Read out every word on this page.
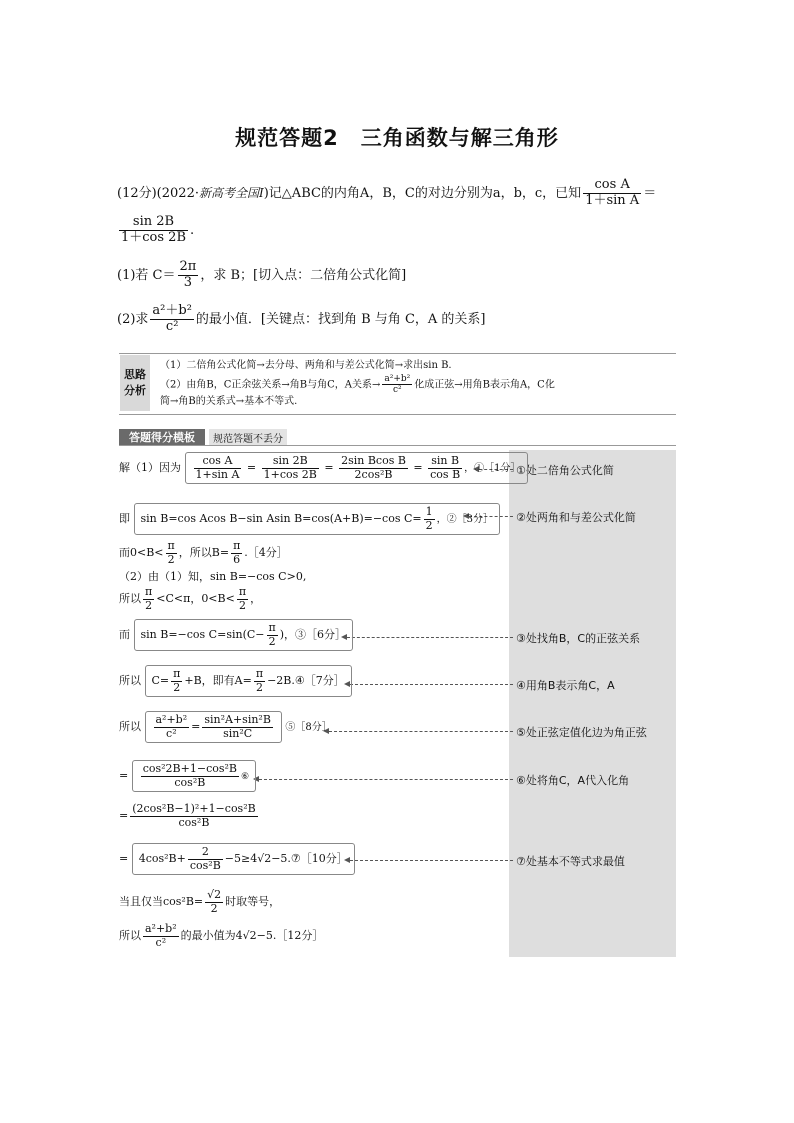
规范答题2　三角函数与解三角形
(12分)(2022·新高考全国Ⅰ)记△ABC的内角A，B，C的对边分别为a，b，c，已知 $\frac{\text{cos A}}{\text{1＋sin A}}$ ＝
$\frac{\sin 2B}{1+\cos 2B}$ .
(1)若 $C= \frac{2\pi}{3}$ ，求 B；[切入点：二倍角公式化简]
(2)求 $\frac{\text{a²＋b²}}{\text{c²}}$ 的最小值．[关键点：找到角 B 与角 C，A 的关系]
思路分析
（1）二倍角公式化简→去分母、两角和与差公式化简→求出sin B.
（2）由角B，C正余弦关系→角B与角C，A关系→ $\frac{\text{a²+b²}}{\text{c²}}$ 化成正弦→用角B表示角A，C化
简→角B的关系式→基本不等式.
答题得分模板	规范答题不丢分
①处二倍角公式化简
②处两角和与差公式化简
③处找角B，C的正弦关系
④用角B表示角C，A
⑤处正弦定值化边为角正弦
⑥处将角C，A代入化角
⑦处基本不等式求最值
解（1）因为 $\frac{\text{cos A}}{\text{1+sin A}} = \frac{\sin 2B}{1+\cos 2B} = \frac{\text{2sin Bcos B}}{\text{2cos²B}} = \frac{\text{sin B}}{\text{cos B}}$ ，①［1分］
即 sin B=cos Acos B−sin Asin B=cos(A+B)=−cos $C= \frac{1}{2}$ ，②［3分］
而$0<B< \frac{\pi}{2}$ ，所以$B= \frac{\pi}{6}$ .［4分］
（2）由（1）知，sin B=−cos C>0,
所以 $\frac{\pi}{2} <C<\pi$，$0<B< \frac{\pi}{2}$ ，
而 sin B=−cos $C=\sin(C- \frac{\pi}{2}$ )，③［6分］
所以 $C= \frac{\pi}{2} +B$，即有$A= \frac{\pi}{2}$ −2B.④［7分］
所以 $\frac{\text{a²+b²}}{\text{c²}} = \frac{\text{sin²A+sin²B}}{\text{sin²C}}$ ⑤［8分］
= $\frac{\text{cos²2B+1−cos²B}}{\text{cos²B}}$ ⑥
= $\frac{\text{(2cos²B−1)²+1−cos²B}}{\text{cos²B}}$
= $4\cos^2B+ \frac{2}{\text{cos²B}}$ −5≥4√2−5.⑦［10分］
当且仅当$\cos^2B= \frac{√2}{2}$ 时取等号，
所以 $\frac{\text{a²+b²}}{\text{c²}}$ 的最小值为4√2−5.［12分］
